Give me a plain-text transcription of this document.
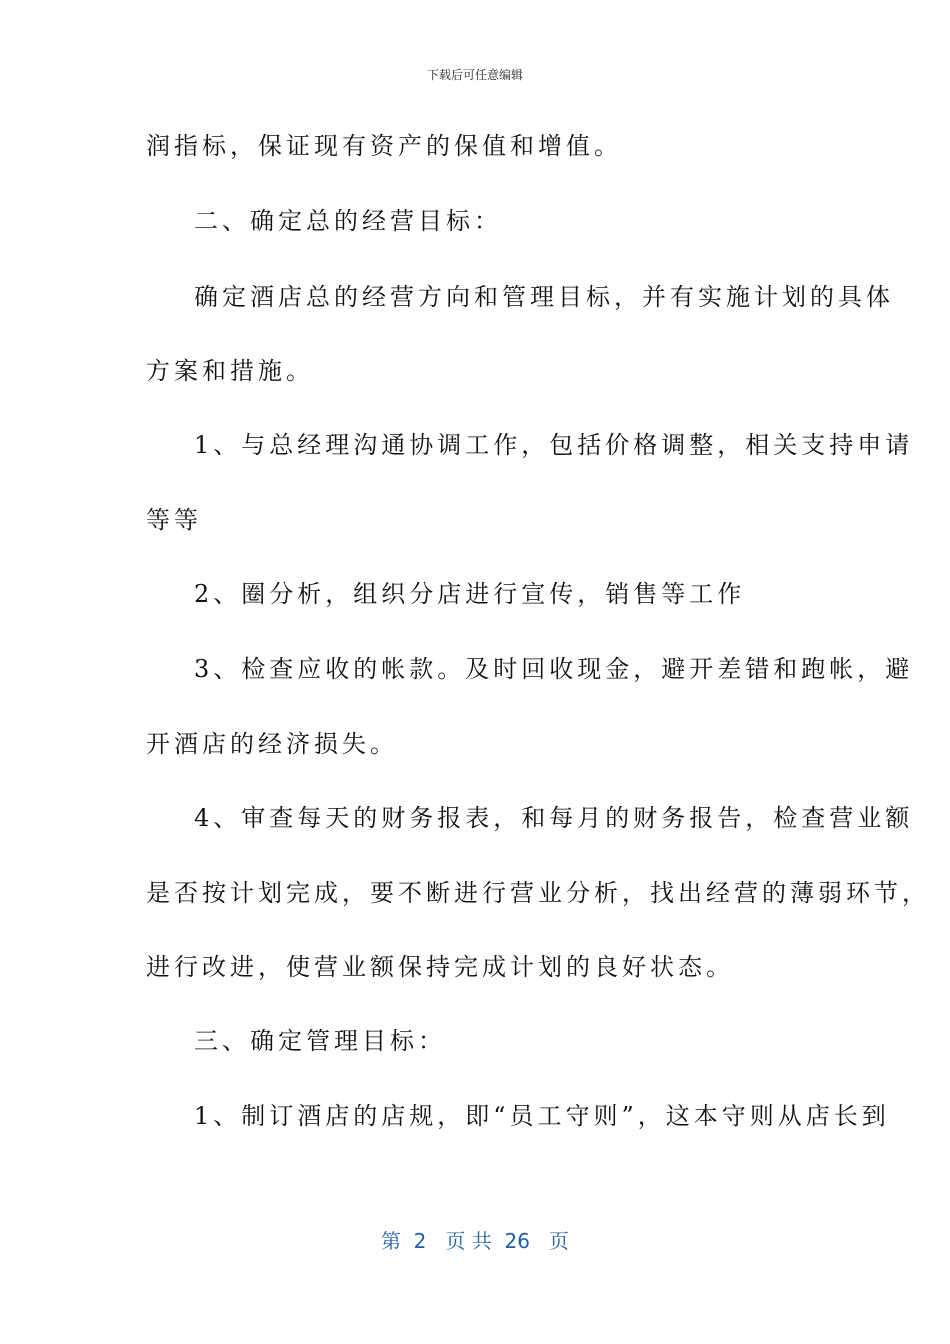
下载后可任意编辑
润指标，保证现有资产的保值和增值。
二、确定总的经营目标：
确定酒店总的经营方向和管理目标，并有实施计划的具体
方案和措施。
1、与总经理沟通协调工作，包括价格调整，相关支持申请
等等
2、圈分析，组织分店进行宣传，销售等工作
3、检查应收的帐款。及时回收现金，避开差错和跑帐，避
开酒店的经济损失。
4、审查每天的财务报表，和每月的财务报告，检查营业额
是否按计划完成，要不断进行营业分析，找出经营的薄弱环节，
进行改进，使营业额保持完成计划的良好状态。
三、确定管理目标：
1、制订酒店的店规，即“员工守则”，这本守则从店长到
第  2   页 共  26   页
